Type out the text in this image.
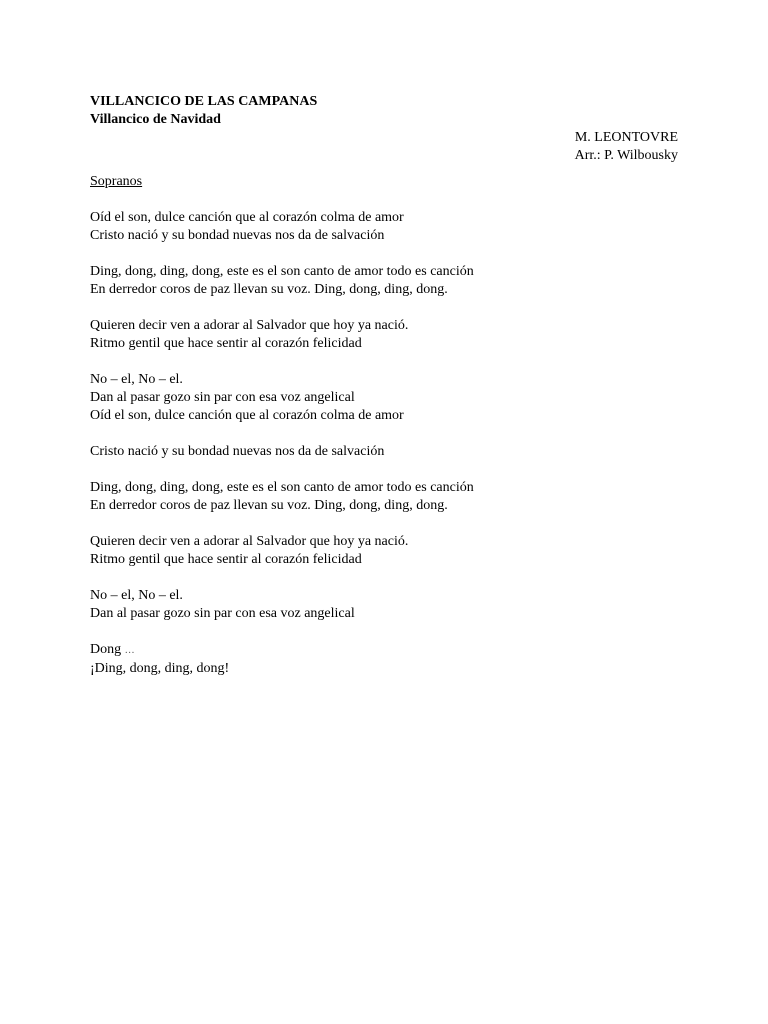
VILLANCICO DE LAS CAMPANAS
Villancico de Navidad
M. LEONTOVRE
Arr.: P. Wilbousky
Sopranos
Oíd el son, dulce canción que al corazón colma de amor
Cristo nació y su bondad nuevas nos da de salvación
Ding, dong, ding, dong, este es el son canto de amor todo es canción
En derredor coros de paz llevan su voz. Ding, dong, ding, dong.
Quieren decir ven a adorar al Salvador que hoy ya nació.
Ritmo gentil que hace sentir al corazón felicidad
No – el, No – el.
Dan al pasar gozo sin par con esa voz angelical
Oíd el son, dulce canción que al corazón colma de amor
Cristo nació y su bondad nuevas nos da de salvación
Ding, dong, ding, dong, este es el son canto de amor todo es canción
En derredor coros de paz llevan su voz. Ding, dong, ding, dong.
Quieren decir ven a adorar al Salvador que hoy ya nació.
Ritmo gentil que hace sentir al corazón felicidad
No – el, No – el.
Dan al pasar gozo sin par con esa voz angelical
Dong …
¡Ding, dong, ding, dong!
